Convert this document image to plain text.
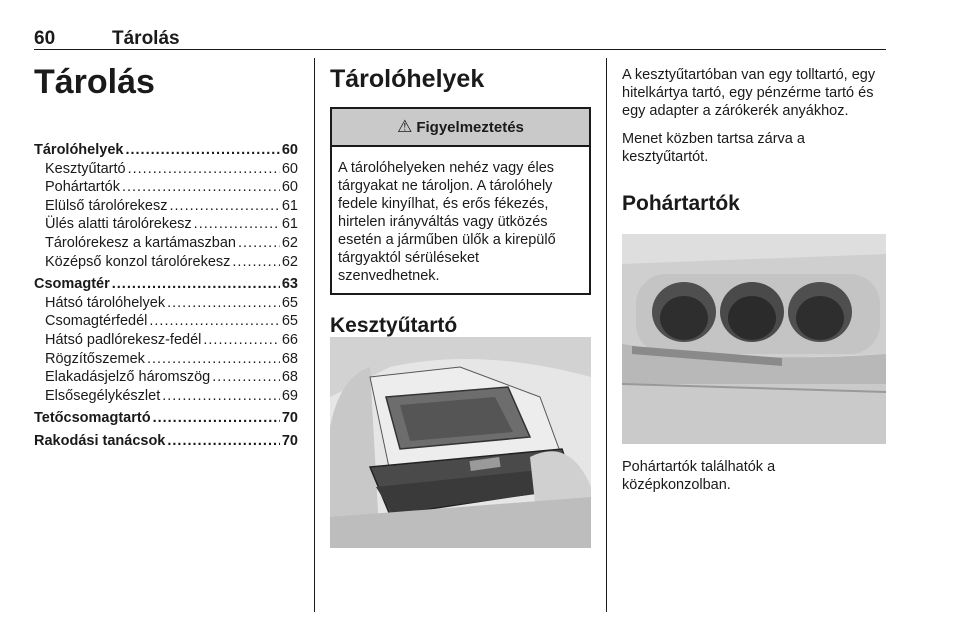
60	Tárolás
Tárolás
Tárolóhelyek .....	60
Kesztyűtartó .....	60
Pohártartók .....	60
Elülső tárolórekesz .....	61
Ülés alatti tárolórekesz .....	61
Tárolórekesz a kartámaszban .....	62
Középső konzol tárolórekesz .....	62
Csomagtér .....	63
Hátsó tárolóhelyek .....	65
Csomagtérfedél .....	65
Hátsó padlórekesz-fedél .....	66
Rögzítőszemek .....	68
Elakadásjelző háromszög .....	68
Elsősegélykészlet .....	69
Tetőcsomagtartó .....	70
Rakodási tanácsok .....	70
Tárolóhelyek
⚠ Figyelmeztetés
A tárolóhelyeken nehéz vagy éles tárgyakat ne tároljon. A tárolóhely fedele kinyílhat, és erős fékezés, hirtelen irányváltás vagy ütközés esetén a járműben ülők a kirepülő tárgyaktól sérüléseket szenvedhetnek.
Kesztyűtartó

A kesztyűtartóban van egy tolltartó, egy hitelkártya tartó, egy pénzérme tartó és egy adapter a zárókerék anyákhoz.

Menet közben tartsa zárva a kesztyűtartót.

Pohártartók
Pohártartók találhatók a középkonzolban.
